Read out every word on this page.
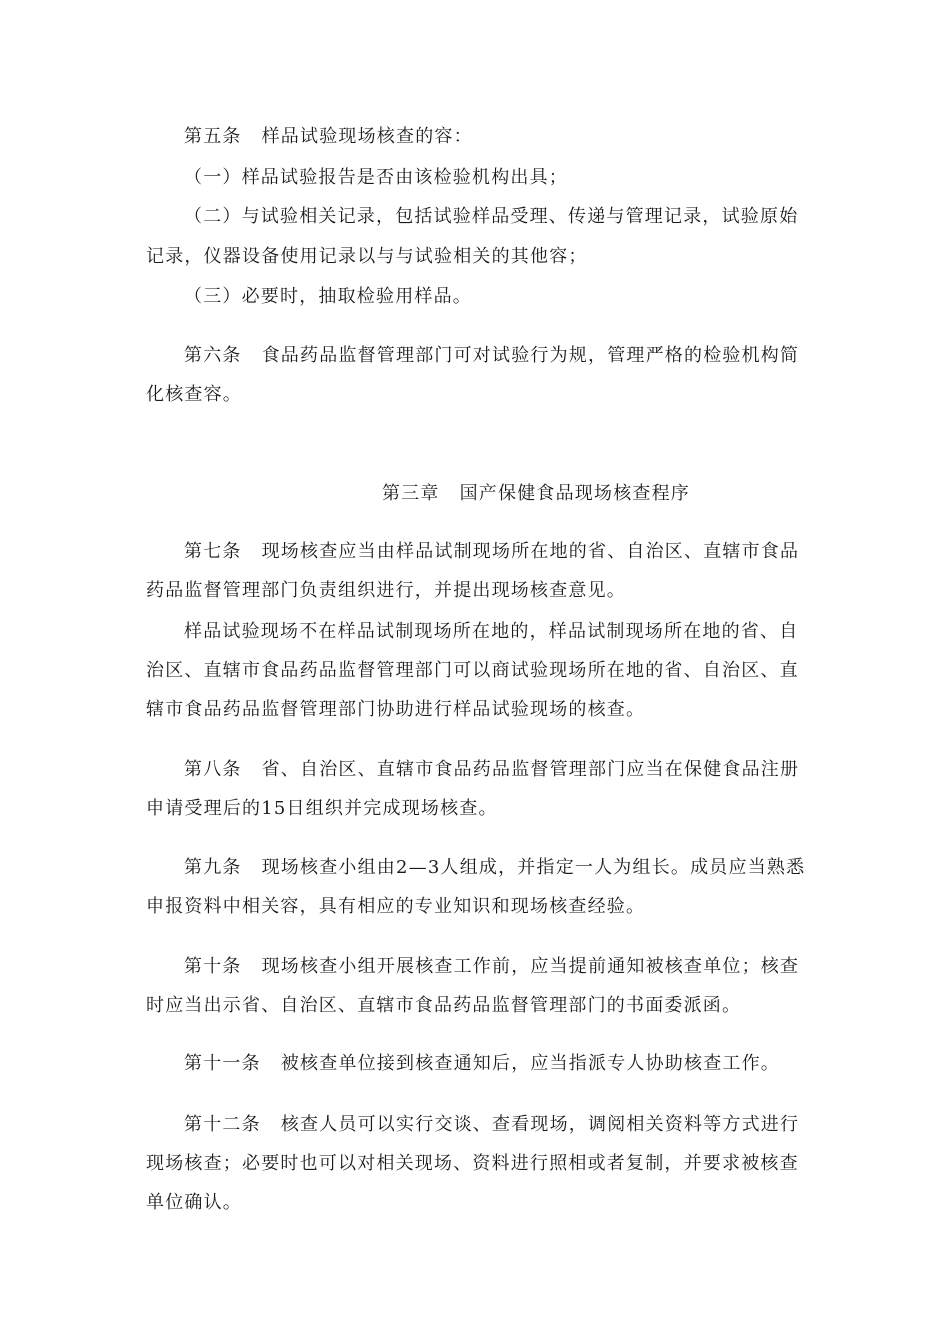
第五条 样品试验现场核查的容：
（一）样品试验报告是否由该检验机构出具；
（二）与试验相关记录，包括试验样品受理、传递与管理记录，试验原始
记录，仪器设备使用记录以与与试验相关的其他容；
（三）必要时，抽取检验用样品。
第六条 食品药品监督管理部门可对试验行为规，管理严格的检验机构简
化核查容。
第三章 国产保健食品现场核查程序
第七条 现场核查应当由样品试制现场所在地的省、自治区、直辖市食品
药品监督管理部门负责组织进行，并提出现场核查意见。
样品试验现场不在样品试制现场所在地的，样品试制现场所在地的省、自
治区、直辖市食品药品监督管理部门可以商试验现场所在地的省、自治区、直
辖市食品药品监督管理部门协助进行样品试验现场的核查。
第八条 省、自治区、直辖市食品药品监督管理部门应当在保健食品注册
申请受理后的15日组织并完成现场核查。
第九条 现场核查小组由2—3人组成，并指定一人为组长。成员应当熟悉
申报资料中相关容，具有相应的专业知识和现场核查经验。
第十条 现场核查小组开展核查工作前，应当提前通知被核查单位；核查
时应当出示省、自治区、直辖市食品药品监督管理部门的书面委派函。
第十一条 被核查单位接到核查通知后，应当指派专人协助核查工作。
第十二条 核查人员可以实行交谈、查看现场，调阅相关资料等方式进行
现场核查；必要时也可以对相关现场、资料进行照相或者复制，并要求被核查
单位确认。
